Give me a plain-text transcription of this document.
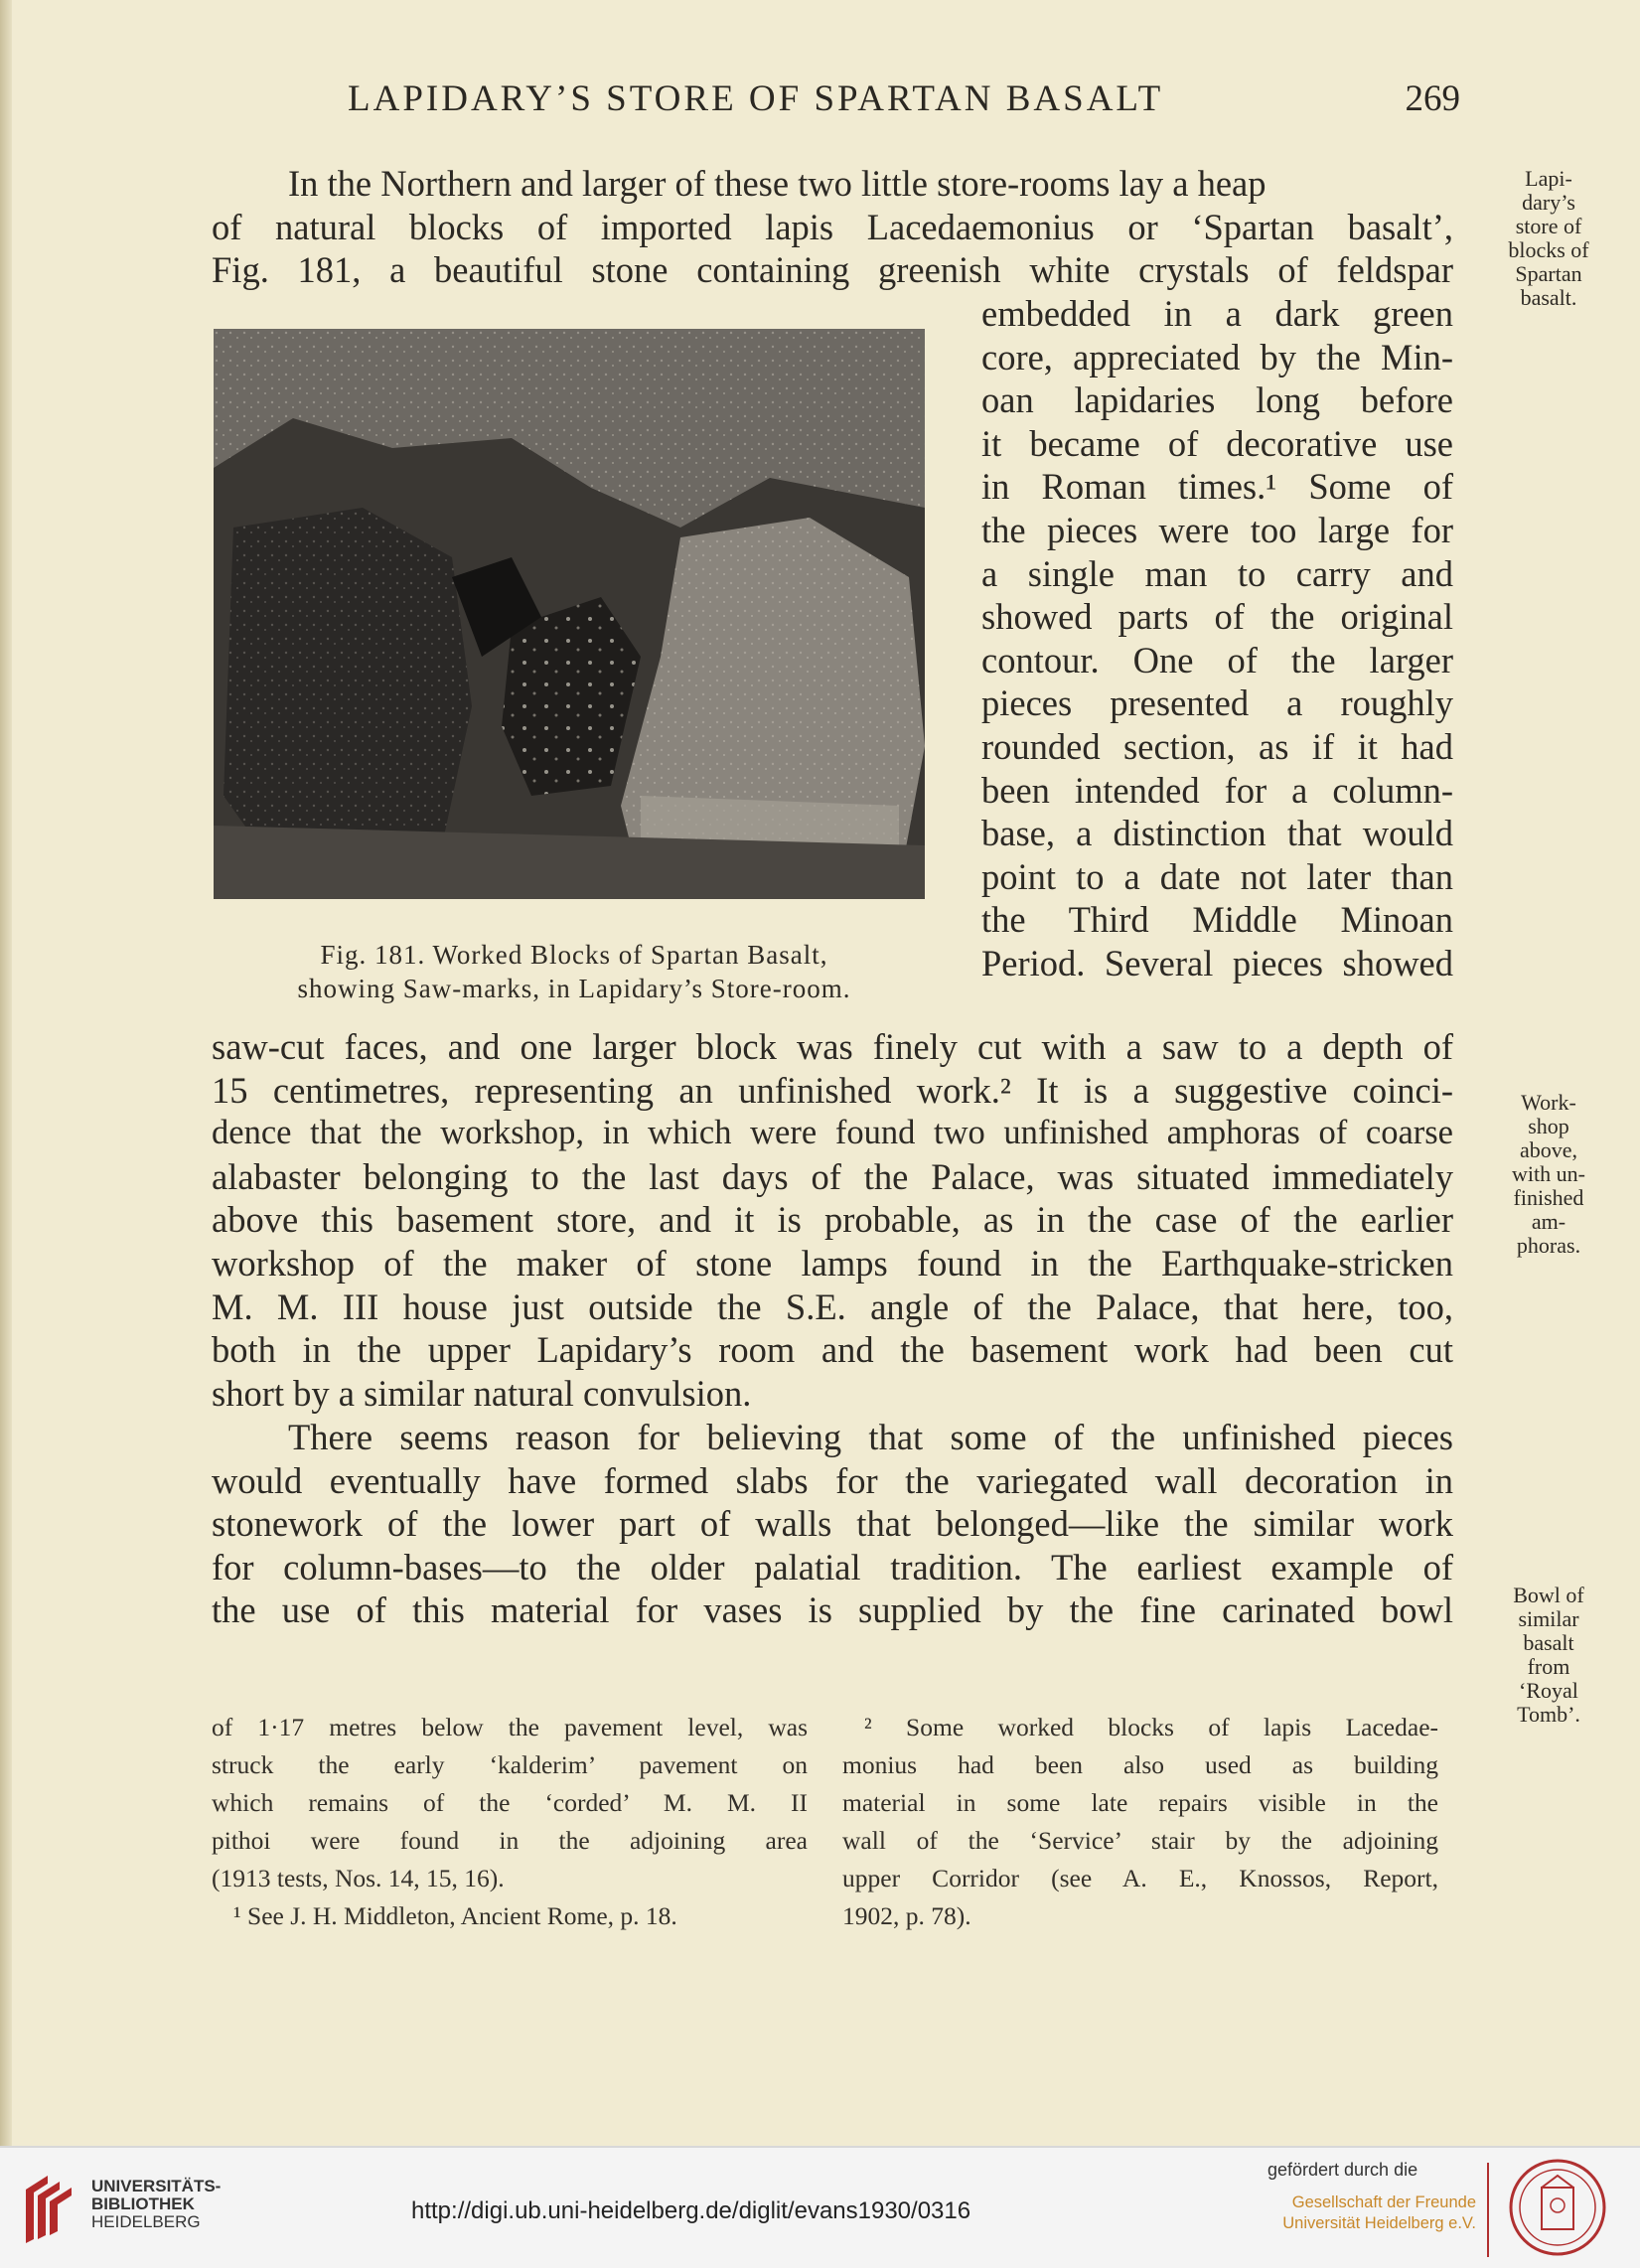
LAPIDARY’S STORE OF SPARTAN BASALT	269
In the Northern and larger of these two little store-rooms lay a heap
of natural blocks of imported lapis Lacedaemonius or ‘Spartan basalt’,
Fig. 181, a beautiful stone containing greenish white crystals of feldspar
Fig. 181. Worked Blocks of Spartan Basalt,
showing Saw-marks, in Lapidary’s Store-room.
embedded in a dark green
core, appreciated by the Min-
oan lapidaries long before
it became of decorative use
in Roman times.¹ Some of
the pieces were too large for
a single man to carry and
showed parts of the original
contour. One of the larger
pieces presented a roughly
rounded section, as if it had
been intended for a column-
base, a distinction that would
point to a date not later than
the Third Middle Minoan
Period. Several pieces showed
saw-cut faces, and one larger block was finely cut with a saw to a depth of
15 centimetres, representing an unfinished work.² It is a suggestive coinci-
dence that the workshop, in which were found two unfinished amphoras of coarse
alabaster belonging to the last days of the Palace, was situated immediately
above this basement store, and it is probable, as in the case of the earlier
workshop of the maker of stone lamps found in the Earthquake-stricken
M. M. III house just outside the S.E. angle of the Palace, that here, too,
both in the upper Lapidary’s room and the basement work had been cut
short by a similar natural convulsion.
There seems reason for believing that some of the unfinished pieces
would eventually have formed slabs for the variegated wall decoration in
stonework of the lower part of walls that belonged—like the similar work
for column-bases—to the older palatial tradition. The earliest example of
the use of this material for vases is supplied by the fine carinated bowl
Lapi-
dary’s
store of
blocks of
Spartan
basalt.
Work-
shop
above,
with un-
finished
am-
phoras.
Bowl of
similar
basalt
from
‘Royal
Tomb’.
of 1·17 metres below the pavement level, was
struck the early ‘kalderim’ pavement on
which remains of the ‘corded’ M. M. II
pithoi were found in the adjoining area
(1913 tests, Nos. 14, 15, 16).
¹ See J. H. Middleton, Ancient Rome, p. 18.
² Some worked blocks of lapis Lacedae-
monius had been also used as building
material in some late repairs visible in the
wall of the ‘Service’ stair by the adjoining
upper Corridor (see A. E., Knossos, Report,
1902, p. 78).
UNIVERSITÄTS-
BIBLIOTHEK
HEIDELBERG	http://digi.ub.uni-heidelberg.de/diglit/evans1930/0316
gefördert durch die
Gesellschaft der Freunde
Universität Heidelberg e.V.
